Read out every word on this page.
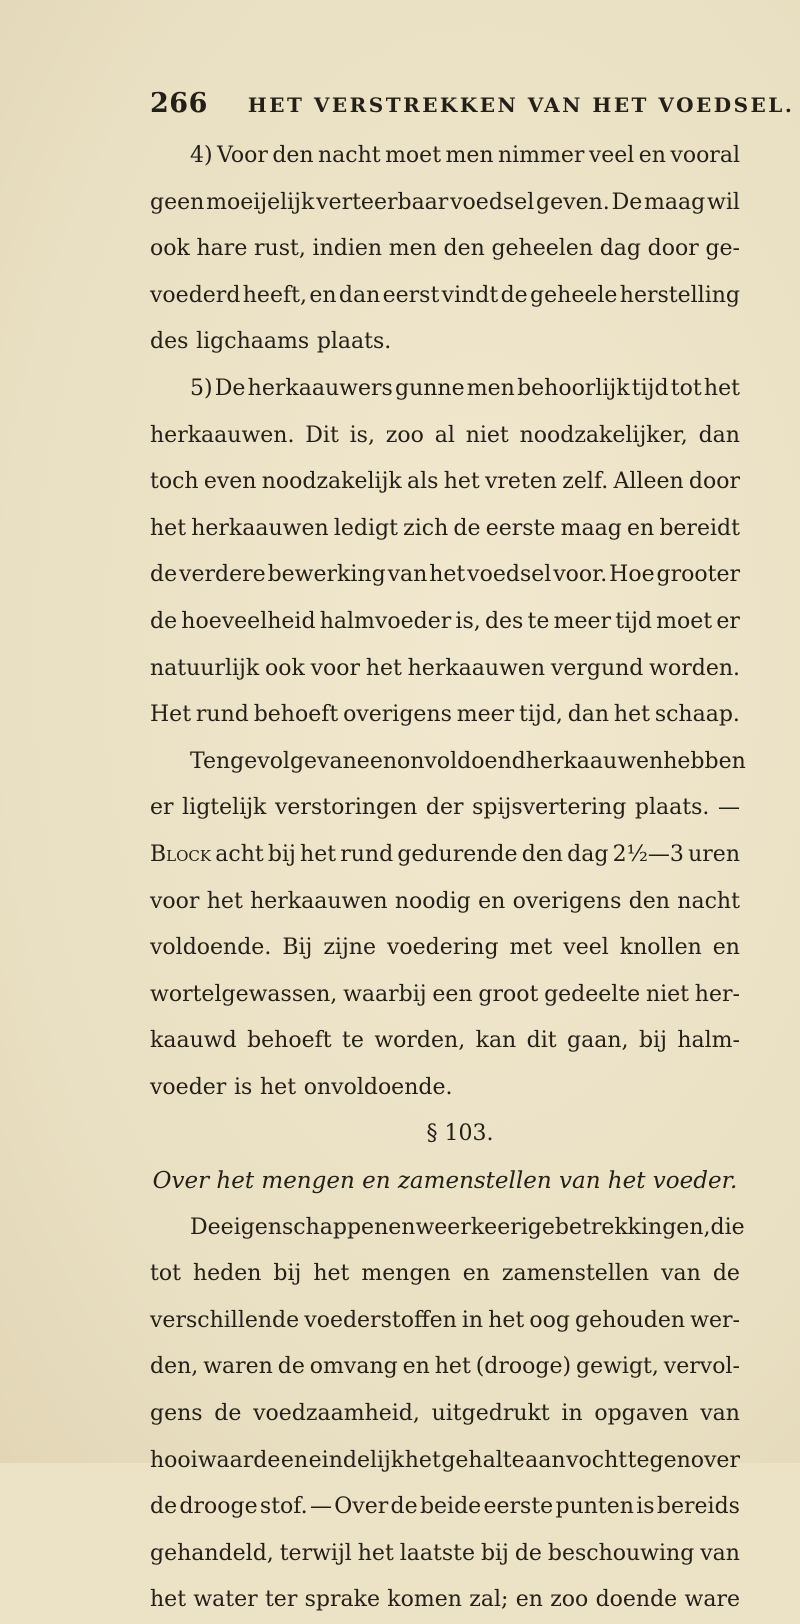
266 HET VERSTREKKEN VAN HET VOEDSEL.
4) Voor den nacht moet men nimmer veel en vooral
geen moeijelijk verteerbaar voedsel geven. De maag wil
ook hare rust, indien men den geheelen dag door ge-
voederd heeft, en dan eerst vindt de geheele herstelling
des ligchaams plaats.
5) De herkaauwers gunne men behoorlijk tijd tot het
herkaauwen. Dit is, zoo al niet noodzakelijker, dan
toch even noodzakelijk als het vreten zelf. Alleen door
het herkaauwen ledigt zich de eerste maag en bereidt
de verdere bewerking van het voedsel voor. Hoe grooter
de hoeveelheid halmvoeder is, des te meer tijd moet er
natuurlijk ook voor het herkaauwen vergund worden.
Het rund behoeft overigens meer tijd, dan het schaap.
Ten gevolge van een onvoldoend herkaauwen hebben
er ligtelijk verstoringen der spijsvertering plaats. —
Block acht bij het rund gedurende den dag 2½—3 uren
voor het herkaauwen noodig en overigens den nacht
voldoende. Bij zijne voedering met veel knollen en
wortelgewassen, waarbij een groot gedeelte niet her-
kaauwd behoeft te worden, kan dit gaan, bij halm-
voeder is het onvoldoende.
§ 103.
Over het mengen en zamenstellen van het voeder.
De eigenschappen en weerkeerige betrekkingen, die
tot heden bij het mengen en zamenstellen van de
verschillende voederstoffen in het oog gehouden wer-
den, waren de omvang en het (drooge) gewigt, vervol-
gens de voedzaamheid, uitgedrukt in opgaven van
hooiwaarde en eindelijk het gehalte aan vocht tegenover
de drooge stof. — Over de beide eerste punten is bereids
gehandeld, terwijl het laatste bij de beschouwing van
het water ter sprake komen zal; en zoo doende ware
